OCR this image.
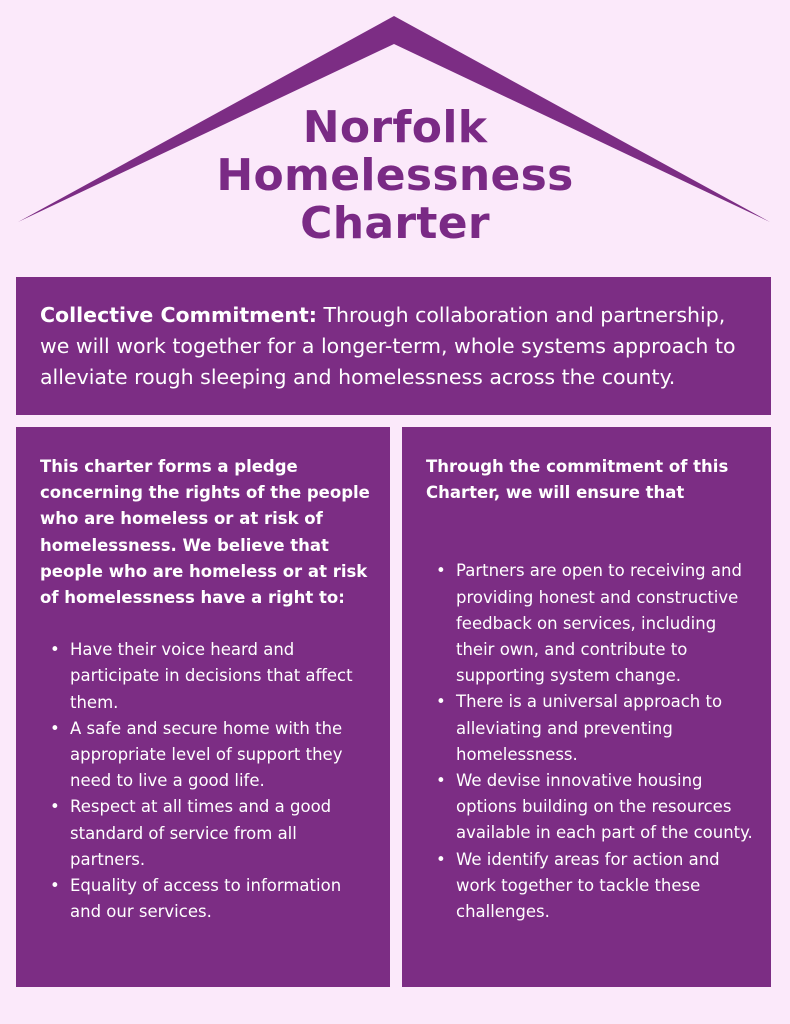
Norfolk
Homelessness
Charter
Collective Commitment: Through collaboration and partnership, we will work together for a longer-term, whole systems approach to alleviate rough sleeping and homelessness across the county.
This charter forms a pledge concerning the rights of the people who are homeless or at risk of homelessness. We believe that people who are homeless or at risk of homelessness have a right to:
• Have their voice heard and participate in decisions that affect them.
• A safe and secure home with the appropriate level of support they need to live a good life.
• Respect at all times and a good standard of service from all partners.
• Equality of access to information and our services.
Through the commitment of this Charter, we will ensure that
• Partners are open to receiving and providing honest and constructive feedback on services, including their own, and contribute to supporting system change.
• There is a universal approach to alleviating and preventing homelessness.
• We devise innovative housing options building on the resources available in each part of the county.
• We identify areas for action and work together to tackle these challenges.
